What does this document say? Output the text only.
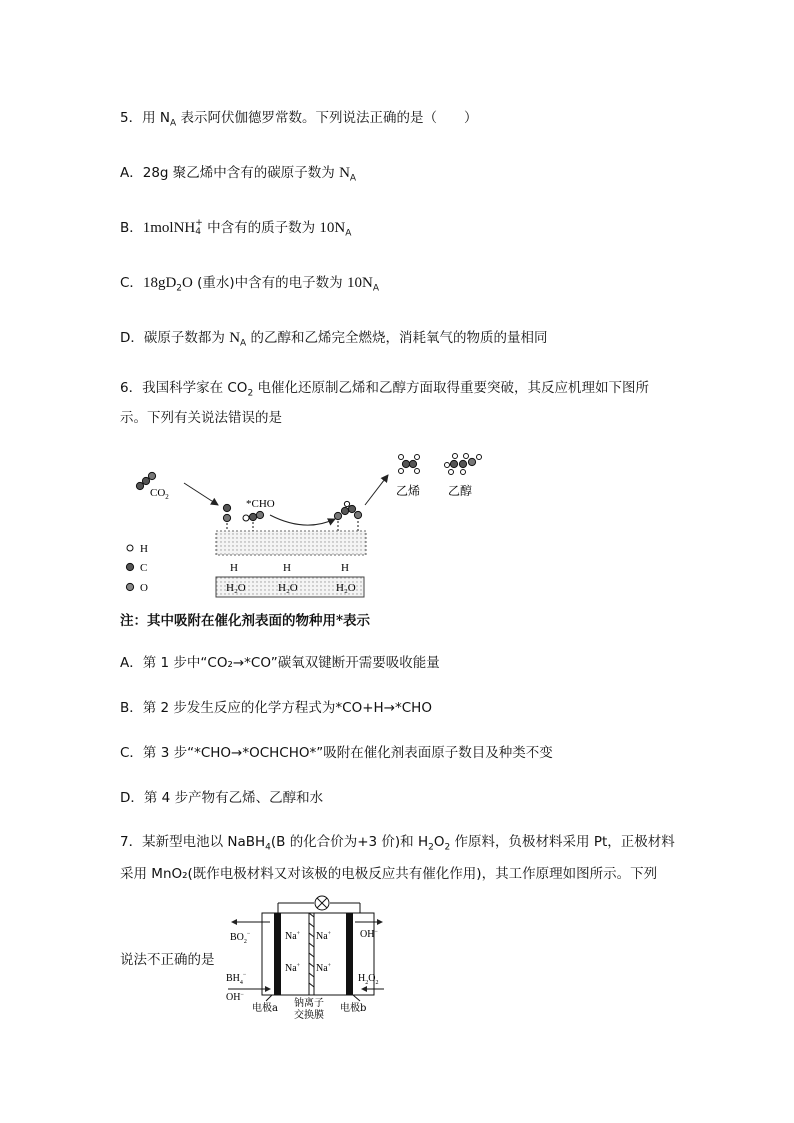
5．用 $N_A$ 表示阿伏伽德罗常数。下列说法正确的是（　　）
A．28g 聚乙烯中含有的碳原子数为 $N_A$
B．1molNH +
4 中含有的质子数为 $10N_A$
C．$18gD_2O$ (重水)中含有的电子数为 $10N_A$
D．碳原子数都为 $N_A$ 的乙醇和乙烯完全燃烧，消耗氧气的物质的量相同
6．我国科学家在 $CO_2$ 电催化还原制乙烯和乙醇方面取得重要突破，其反应机理如下图所
示。下列有关说法错误的是
$CO_2$
*CHO
乙烯 乙醇
H
C
O
H	H	H
H₂O	H₂O	H₂O
注：其中吸附在催化剂表面的物种用*表示
A．第 1 步中“CO₂→*CO”碳氧双键断开需要吸收能量
B．第 2 步发生反应的化学方程式为*CO+H→*CHO
C．第 3 步“*CHO→*OCHCHO*”吸附在催化剂表面原子数目及种类不变
D．第 4 步产物有乙烯、乙醇和水
7．某新型电池以 NaBH$_4$(B 的化合价为+3 价)和 $H_2O_2$ 作原料，负极材料采用 Pt，正极材料
采用 MnO₂(既作电极材料又对该极的电极反应共有催化作用)，其工作原理如图所示。下列
说法不正确的是
Na+ Na+
Na+ Na+
$BO_2^-$
$BH_4^-$
OH−
OH−
$H_2O_2$
电极a 钠离子
交换膜
电极b
